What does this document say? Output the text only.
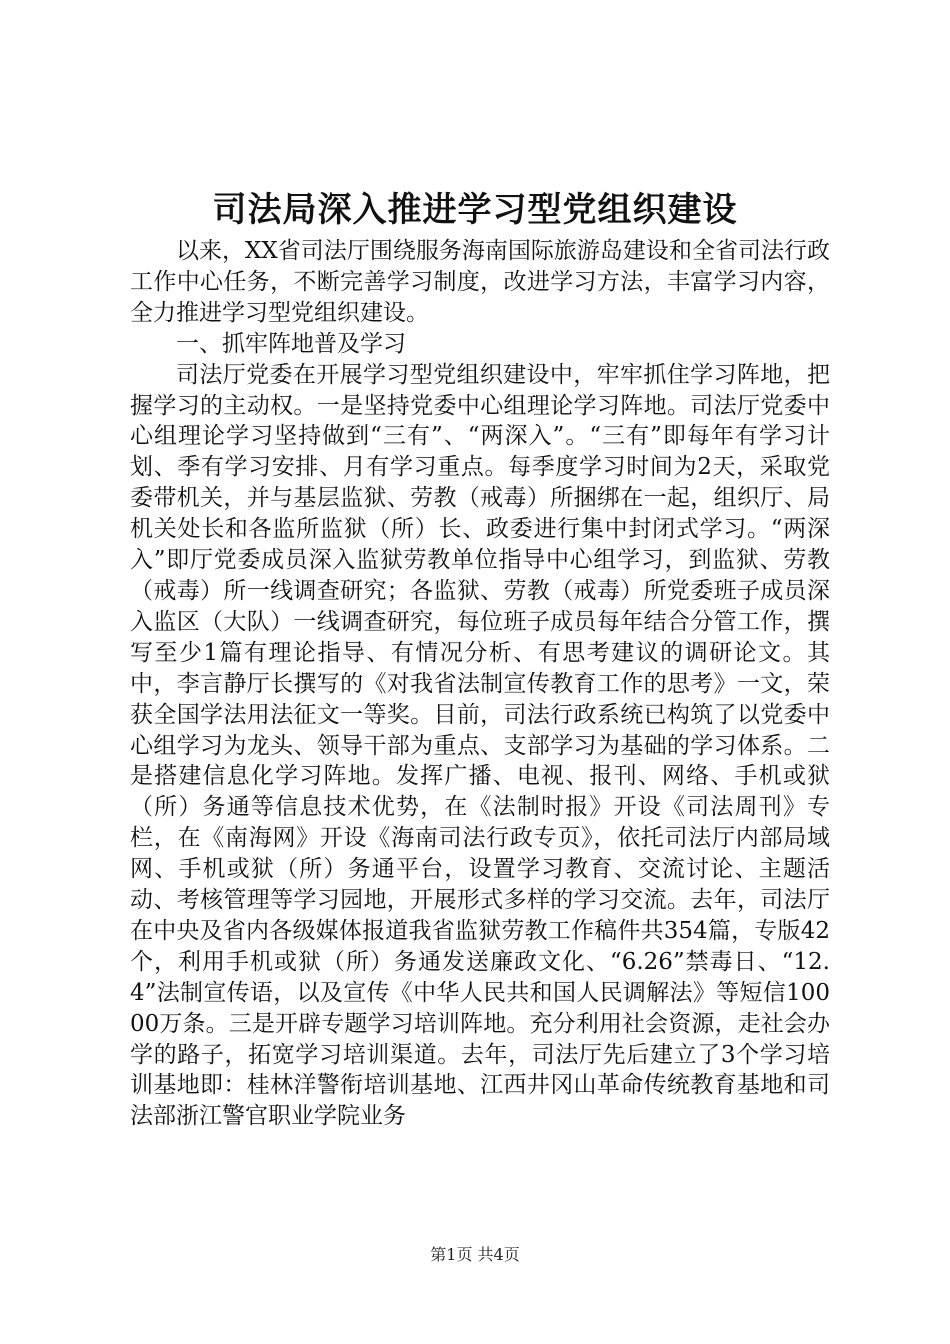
司法局深入推进学习型党组织建设

以来，XX省司法厅围绕服务海南国际旅游岛建设和全省司法行政工作中心任务，不断完善学习制度，改进学习方法，丰富学习内容，全力推进学习型党组织建设。

一、抓牢阵地普及学习

司法厅党委在开展学习型党组织建设中，牢牢抓住学习阵地，把握学习的主动权。一是坚持党委中心组理论学习阵地。司法厅党委中心组理论学习坚持做到“三有”、“两深入”。“三有”即每年有学习计划、季有学习安排、月有学习重点。每季度学习时间为2天，采取党委带机关，并与基层监狱、劳教（戒毒）所捆绑在一起，组织厅、局机关处长和各监所监狱（所）长、政委进行集中封闭式学习。“两深入”即厅党委成员深入监狱劳教单位指导中心组学习，到监狱、劳教（戒毒）所一线调查研究；各监狱、劳教（戒毒）所党委班子成员深入监区（大队）一线调查研究，每位班子成员每年结合分管工作，撰写至少1篇有理论指导、有情况分析、有思考建议的调研论文。其中，李言静厅长撰写的《对我省法制宣传教育工作的思考》一文，荣获全国学法用法征文一等奖。目前，司法行政系统已构筑了以党委中心组学习为龙头、领导干部为重点、支部学习为基础的学习体系。二是搭建信息化学习阵地。发挥广播、电视、报刊、网络、手机或狱（所）务通等信息技术优势，在《法制时报》开设《司法周刊》专栏，在《南海网》开设《海南司法行政专页》，依托司法厅内部局域网、手机或狱（所）务通平台，设置学习教育、交流讨论、主题活动、考核管理等学习园地，开展形式多样的学习交流。去年，司法厅在中央及省内各级媒体报道我省监狱劳教工作稿件共354篇，专版42个，利用手机或狱（所）务通发送廉政文化、“6.26”禁毒日、“12.4”法制宣传语，以及宣传《中华人民共和国人民调解法》等短信10000万条。三是开辟专题学习培训阵地。充分利用社会资源，走社会办学的路子，拓宽学习培训渠道。去年，司法厅先后建立了3个学习培训基地即：桂林洋警衔培训基地、江西井冈山革命传统教育基地和司法部浙江警官职业学院业务

第1页 共4页
